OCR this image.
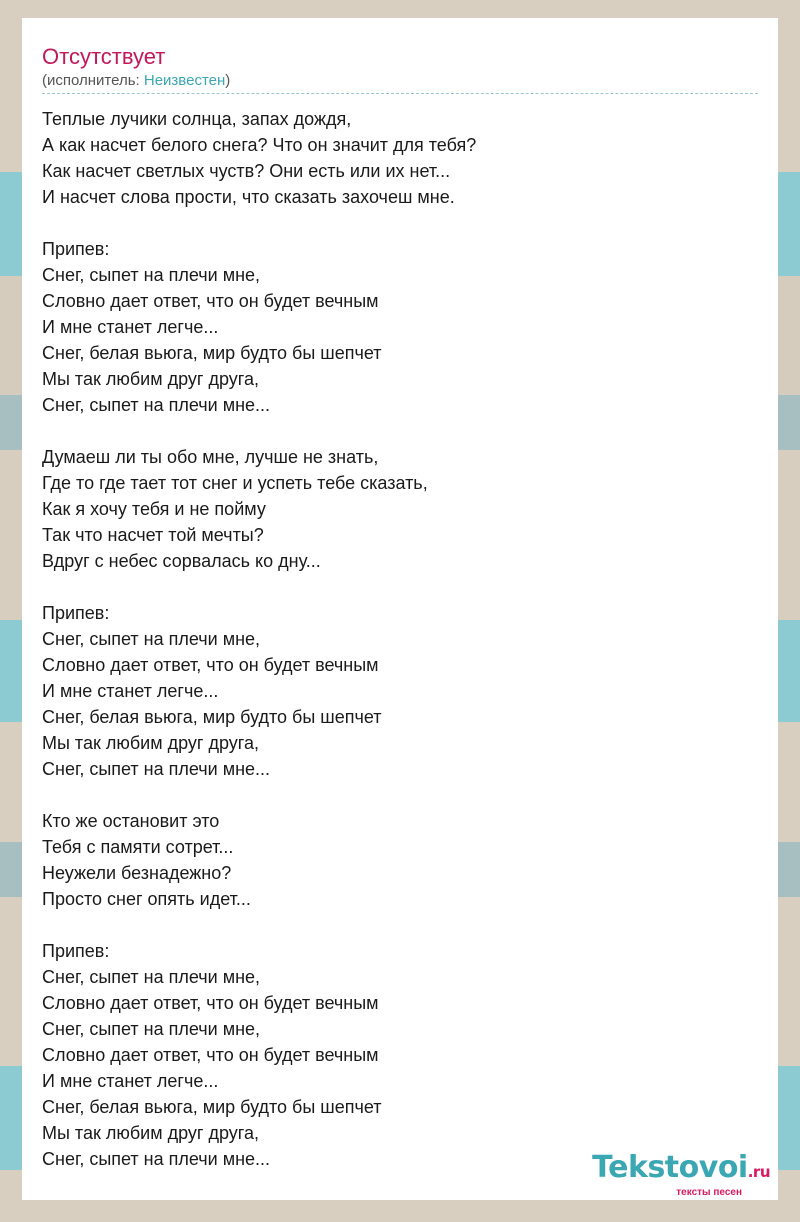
Отсутствует
(исполнитель: Неизвестен)
Теплые лучики солнца, запах дождя,
А как насчет белого снега? Что он значит для тебя?
Как насчет светлых чуств? Они есть или их нет...
И насчет слова прости, что сказать захочеш мне.
Припев:
Снег, сыпет на плечи мне,
Словно дает ответ, что он будет вечным
И мне станет легче...
Снег, белая вьюга, мир будто бы шепчет
Мы так любим друг друга,
Снег, сыпет на плечи мне...
Думаеш ли ты обо мне, лучше не знать,
Где то где тает тот снег и успеть тебе сказать,
Как я хочу тебя и не пойму
Так что насчет той мечты?
Вдруг с небес сорвалась ко дну...
Припев:
Снег, сыпет на плечи мне,
Словно дает ответ, что он будет вечным
И мне станет легче...
Снег, белая вьюга, мир будто бы шепчет
Мы так любим друг друга,
Снег, сыпет на плечи мне...
Кто же остановит это
Тебя с памяти сотрет...
Неужели безнадежно?
Просто снег опять идет...
Припев:
Снег, сыпет на плечи мне,
Словно дает ответ, что он будет вечным
Снег, сыпет на плечи мне,
Словно дает ответ, что он будет вечным
И мне станет легче...
Снег, белая вьюга, мир будто бы шепчет
Мы так любим друг друга,
Снег, сыпет на плечи мне...	Tekstovoi.ru
тексты песен
